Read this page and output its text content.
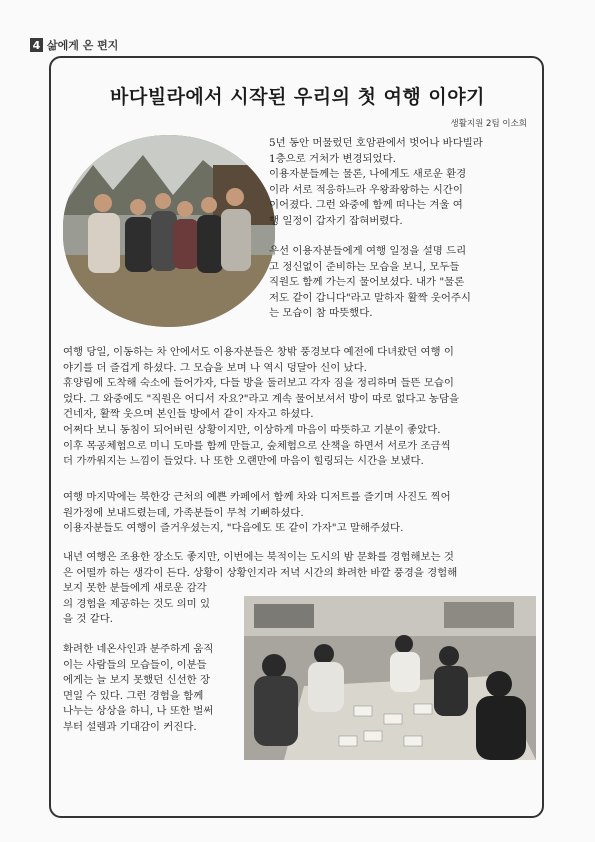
4 삶에게 온 편지
바다빌라에서 시작된 우리의 첫 여행 이야기
생활지원 2팀 이소희

5년 동안 머물렀던 호암관에서 벗어나 바다빌라

1층으로 거처가 변경되었다.

이용자분들께는 물론, 나에게도 새로운 환경

이라 서로 적응하느라 우왕좌왕하는 시간이

이어졌다. 그런 와중에 함께 떠나는 겨울 여

행 일정이 갑자기 잡혀버렸다.

우선 이용자분들에게 여행 일정을 설명 드리

고 정신없이 준비하는 모습을 보니, 모두들

직원도 함께 가는지 물어보셨다. 내가 "물론

저도 같이 갑니다"라고 말하자 활짝 웃어주시

는 모습이 참 따뜻했다.

여행 당일, 이동하는 차 안에서도 이용자분들은 창밖 풍경보다 예전에 다녀왔던 여행 이

야기를 더 즐겁게 하셨다. 그 모습을 보며 나 역시 덩달아 신이 났다.

휴양림에 도착해 숙소에 들어가자, 다들 방을 둘러보고 각자 짐을 정리하며 들뜬 모습이

었다. 그 와중에도 "직원은 어디서 자요?"라고 계속 물어보셔서 방이 따로 없다고 농담을

건네자, 활짝 웃으며 본인들 방에서 같이 자자고 하셨다.

어쩌다 보니 동침이 되어버린 상황이지만, 이상하게 마음이 따뜻하고 기분이 좋았다.

이후 목공체험으로 미니 도마를 함께 만들고, 숲체험으로 산책을 하면서 서로가 조금씩

더 가까워지는 느낌이 들었다. 나 또한 오랜만에 마음이 힐링되는 시간을 보냈다.

여행 마지막에는 북한강 근처의 예쁜 카페에서 함께 차와 디저트를 즐기며 사진도 찍어

원가정에 보내드렸는데, 가족분들이 무척 기뻐하셨다.

이용자분들도 여행이 즐거우셨는지, "다음에도 또 같이 가자"고 말해주셨다.

내년 여행은 조용한 장소도 좋지만, 이번에는 북적이는 도시의 밤 문화를 경험해보는 것

은 어떨까 하는 생각이 든다. 상황이 상황인지라 저녁 시간의 화려한 바깥 풍경을 경험해

보지 못한 분들에게 새로운 감각

의 경험을 제공하는 것도 의미 있

을 것 같다.

화려한 네온사인과 분주하게 움직

이는 사람들의 모습들이, 이분들

에게는 늘 보지 못했던 신선한 장

면일 수 있다. 그런 경험을 함께

나누는 상상을 하니, 나 또한 벌써

부터 설렘과 기대감이 커진다.
